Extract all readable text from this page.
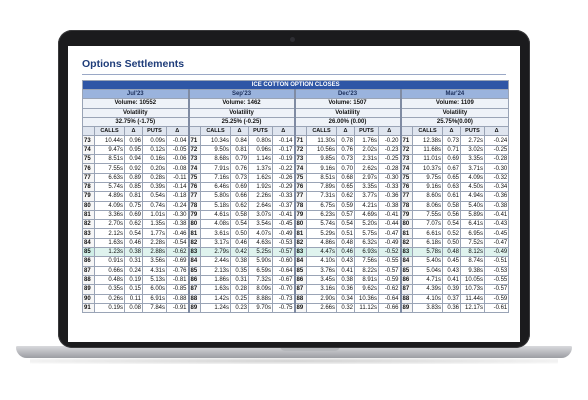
Options Settlements
ICE COTTON OPTION CLOSES																			
Jul'23					Sep'23					Dec'23					Mar'24				
Volume: 10552					Volume: 1462					Volume: 1507					Volume: 1109				
Volatility					Volatility					Volatility					Volatility				
32.75% (-1.75)					25.25% (-0.25)					26.00% (0.00)					25.75%(0.00)				
	CALLS	Δ	PUTS	Δ		CALLS	Δ	PUTS	Δ		CALLS	Δ	PUTS	Δ		CALLS	Δ	PUTS	Δ
73	10.44s	0.96	0.09s	-0.04	71	10.34s	0.84	0.80s	-0.14	71	11.30s	0.78	1.76s	-0.20	71	12.38s	0.73	2.72s	-0.24
74	9.47s	0.95	0.12s	-0.05	72	9.50s	0.81	0.96s	-0.17	72	10.56s	0.76	2.02s	-0.23	72	11.68s	0.71	3.02s	-0.25
75	8.51s	0.94	0.16s	-0.06	73	8.68s	0.79	1.14s	-0.19	73	9.85s	0.73	2.31s	-0.25	73	11.01s	0.69	3.35s	-0.28
76	7.55s	0.92	0.20s	-0.08	74	7.91s	0.76	1.37s	-0.22	74	9.16s	0.70	2.62s	-0.28	74	10.37s	0.67	3.71s	-0.30
77	6.63s	0.89	0.28s	-0.11	75	7.16s	0.73	1.62s	-0.26	75	8.51s	0.68	2.97s	-0.30	75	9.75s	0.65	4.09s	-0.32
78	5.74s	0.85	0.39s	-0.14	76	6.46s	0.69	1.92s	-0.29	76	7.89s	0.65	3.35s	-0.33	76	9.16s	0.63	4.50s	-0.34
79	4.89s	0.81	0.54s	-0.18	77	5.80s	0.66	2.26s	-0.33	77	7.31s	0.62	3.77s	-0.36	77	8.60s	0.61	4.94s	-0.36
80	4.09s	0.75	0.74s	-0.24	78	5.18s	0.62	2.64s	-0.37	78	6.75s	0.59	4.21s	-0.38	78	8.06s	0.58	5.40s	-0.38
81	3.36s	0.69	1.01s	-0.30	79	4.61s	0.58	3.07s	-0.41	79	6.23s	0.57	4.69s	-0.41	79	7.55s	0.56	5.89s	-0.41
82	2.70s	0.62	1.35s	-0.38	80	4.08s	0.54	3.54s	-0.45	80	5.74s	0.54	5.20s	-0.44	80	7.07s	0.54	6.41s	-0.43
83	2.12s	0.54	1.77s	-0.46	81	3.61s	0.50	4.07s	-0.49	81	5.29s	0.51	5.75s	-0.47	81	6.61s	0.52	6.95s	-0.45
84	1.63s	0.46	2.28s	-0.54	82	3.17s	0.46	4.63s	-0.53	82	4.86s	0.48	6.32s	-0.49	82	6.18s	0.50	7.52s	-0.47
85	1.23s	0.38	2.88s	-0.62	83	2.79s	0.42	5.25s	-0.57	83	4.47s	0.46	6.93s	-0.52	83	5.78s	0.48	8.12s	-0.49
86	0.91s	0.31	3.56s	-0.69	84	2.44s	0.38	5.90s	-0.60	84	4.10s	0.43	7.56s	-0.55	84	5.40s	0.45	8.74s	-0.51
87	0.66s	0.24	4.31s	-0.76	85	2.13s	0.35	6.59s	-0.64	85	3.76s	0.41	8.22s	-0.57	85	5.04s	0.43	9.38s	-0.53
88	0.48s	0.19	5.13s	-0.81	86	1.86s	0.31	7.32s	-0.67	86	3.45s	0.38	8.91s	-0.59	86	4.71s	0.41	10.05s	-0.55
89	0.35s	0.15	6.00s	-0.85	87	1.63s	0.28	8.09s	-0.70	87	3.16s	0.36	9.62s	-0.62	87	4.39s	0.39	10.73s	-0.57
90	0.26s	0.11	6.91s	-0.88	88	1.42s	0.25	8.88s	-0.73	88	2.90s	0.34	10.36s	-0.64	88	4.10s	0.37	11.44s	-0.59
91	0.19s	0.08	7.84s	-0.91	89	1.24s	0.23	9.70s	-0.75	89	2.66s	0.32	11.12s	-0.66	89	3.83s	0.36	12.17s	-0.61
